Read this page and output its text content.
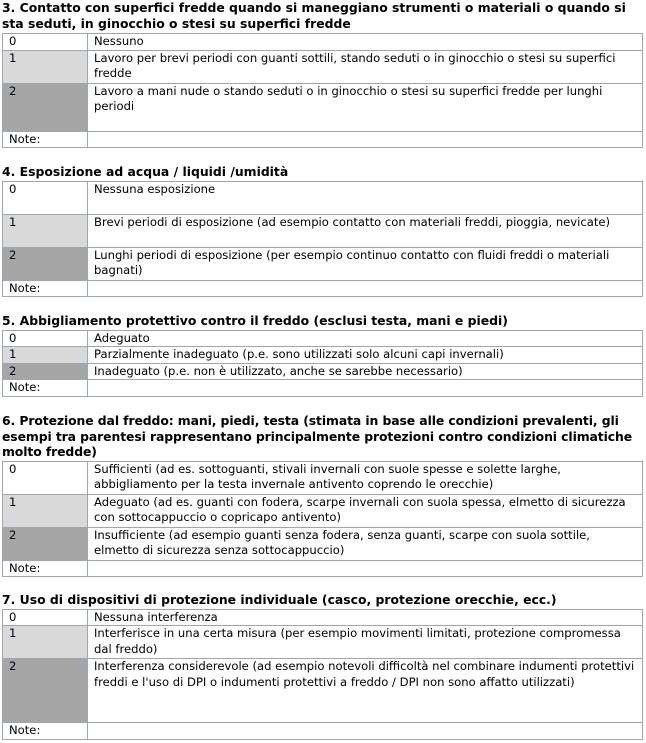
3. Contatto con superfici fredde quando si maneggiano strumenti o materiali o quando si sta seduti, in ginocchio o stesi su superfici fredde

0	Nessuno
1	Lavoro per brevi periodi con guanti sottili, stando seduti o in ginocchio o stesi su superfici fredde
2	Lavoro a mani nude o stando seduti o in ginocchio o stesi su superfici fredde per lunghi periodi
Note:	

4. Esposizione ad acqua / liquidi /umidità

0	Nessuna esposizione
1	Brevi periodi di esposizione (ad esempio contatto con materiali freddi, pioggia, nevicate)
2	Lunghi periodi di esposizione (per esempio continuo contatto con fluidi freddi o materiali bagnati)
Note:	

5. Abbigliamento protettivo contro il freddo (esclusi testa, mani e piedi)

0	Adeguato
1	Parzialmente inadeguato (p.e. sono utilizzati solo alcuni capi invernali)
2	Inadeguato (p.e. non è utilizzato, anche se sarebbe necessario)
Note:	

6. Protezione dal freddo: mani, piedi, testa (stimata in base alle condizioni prevalenti, gli esempi tra parentesi rappresentano principalmente protezioni contro condizioni climatiche molto fredde)

0	Sufficienti (ad es. sottoguanti, stivali invernali con suole spesse e solette larghe, abbigliamento per la testa invernale antivento coprendo le orecchie)
1	Adeguato (ad es. guanti con fodera, scarpe invernali con suola spessa, elmetto di sicurezza con sottocappuccio o copricapo antivento)
2	Insufficiente (ad esempio guanti senza fodera, senza guanti, scarpe con suola sottile, elmetto di sicurezza senza sottocappuccio)
Note:	

7. Uso di dispositivi di protezione individuale (casco, protezione orecchie, ecc.)

0	Nessuna interferenza
1	Interferisce in una certa misura (per esempio movimenti limitati, protezione compromessa dal freddo)
2	Interferenza considerevole (ad esempio notevoli difficoltà nel combinare indumenti protettivi freddi e l'uso di DPI o indumenti protettivi a freddo / DPI non sono affatto utilizzati)
Note:	
